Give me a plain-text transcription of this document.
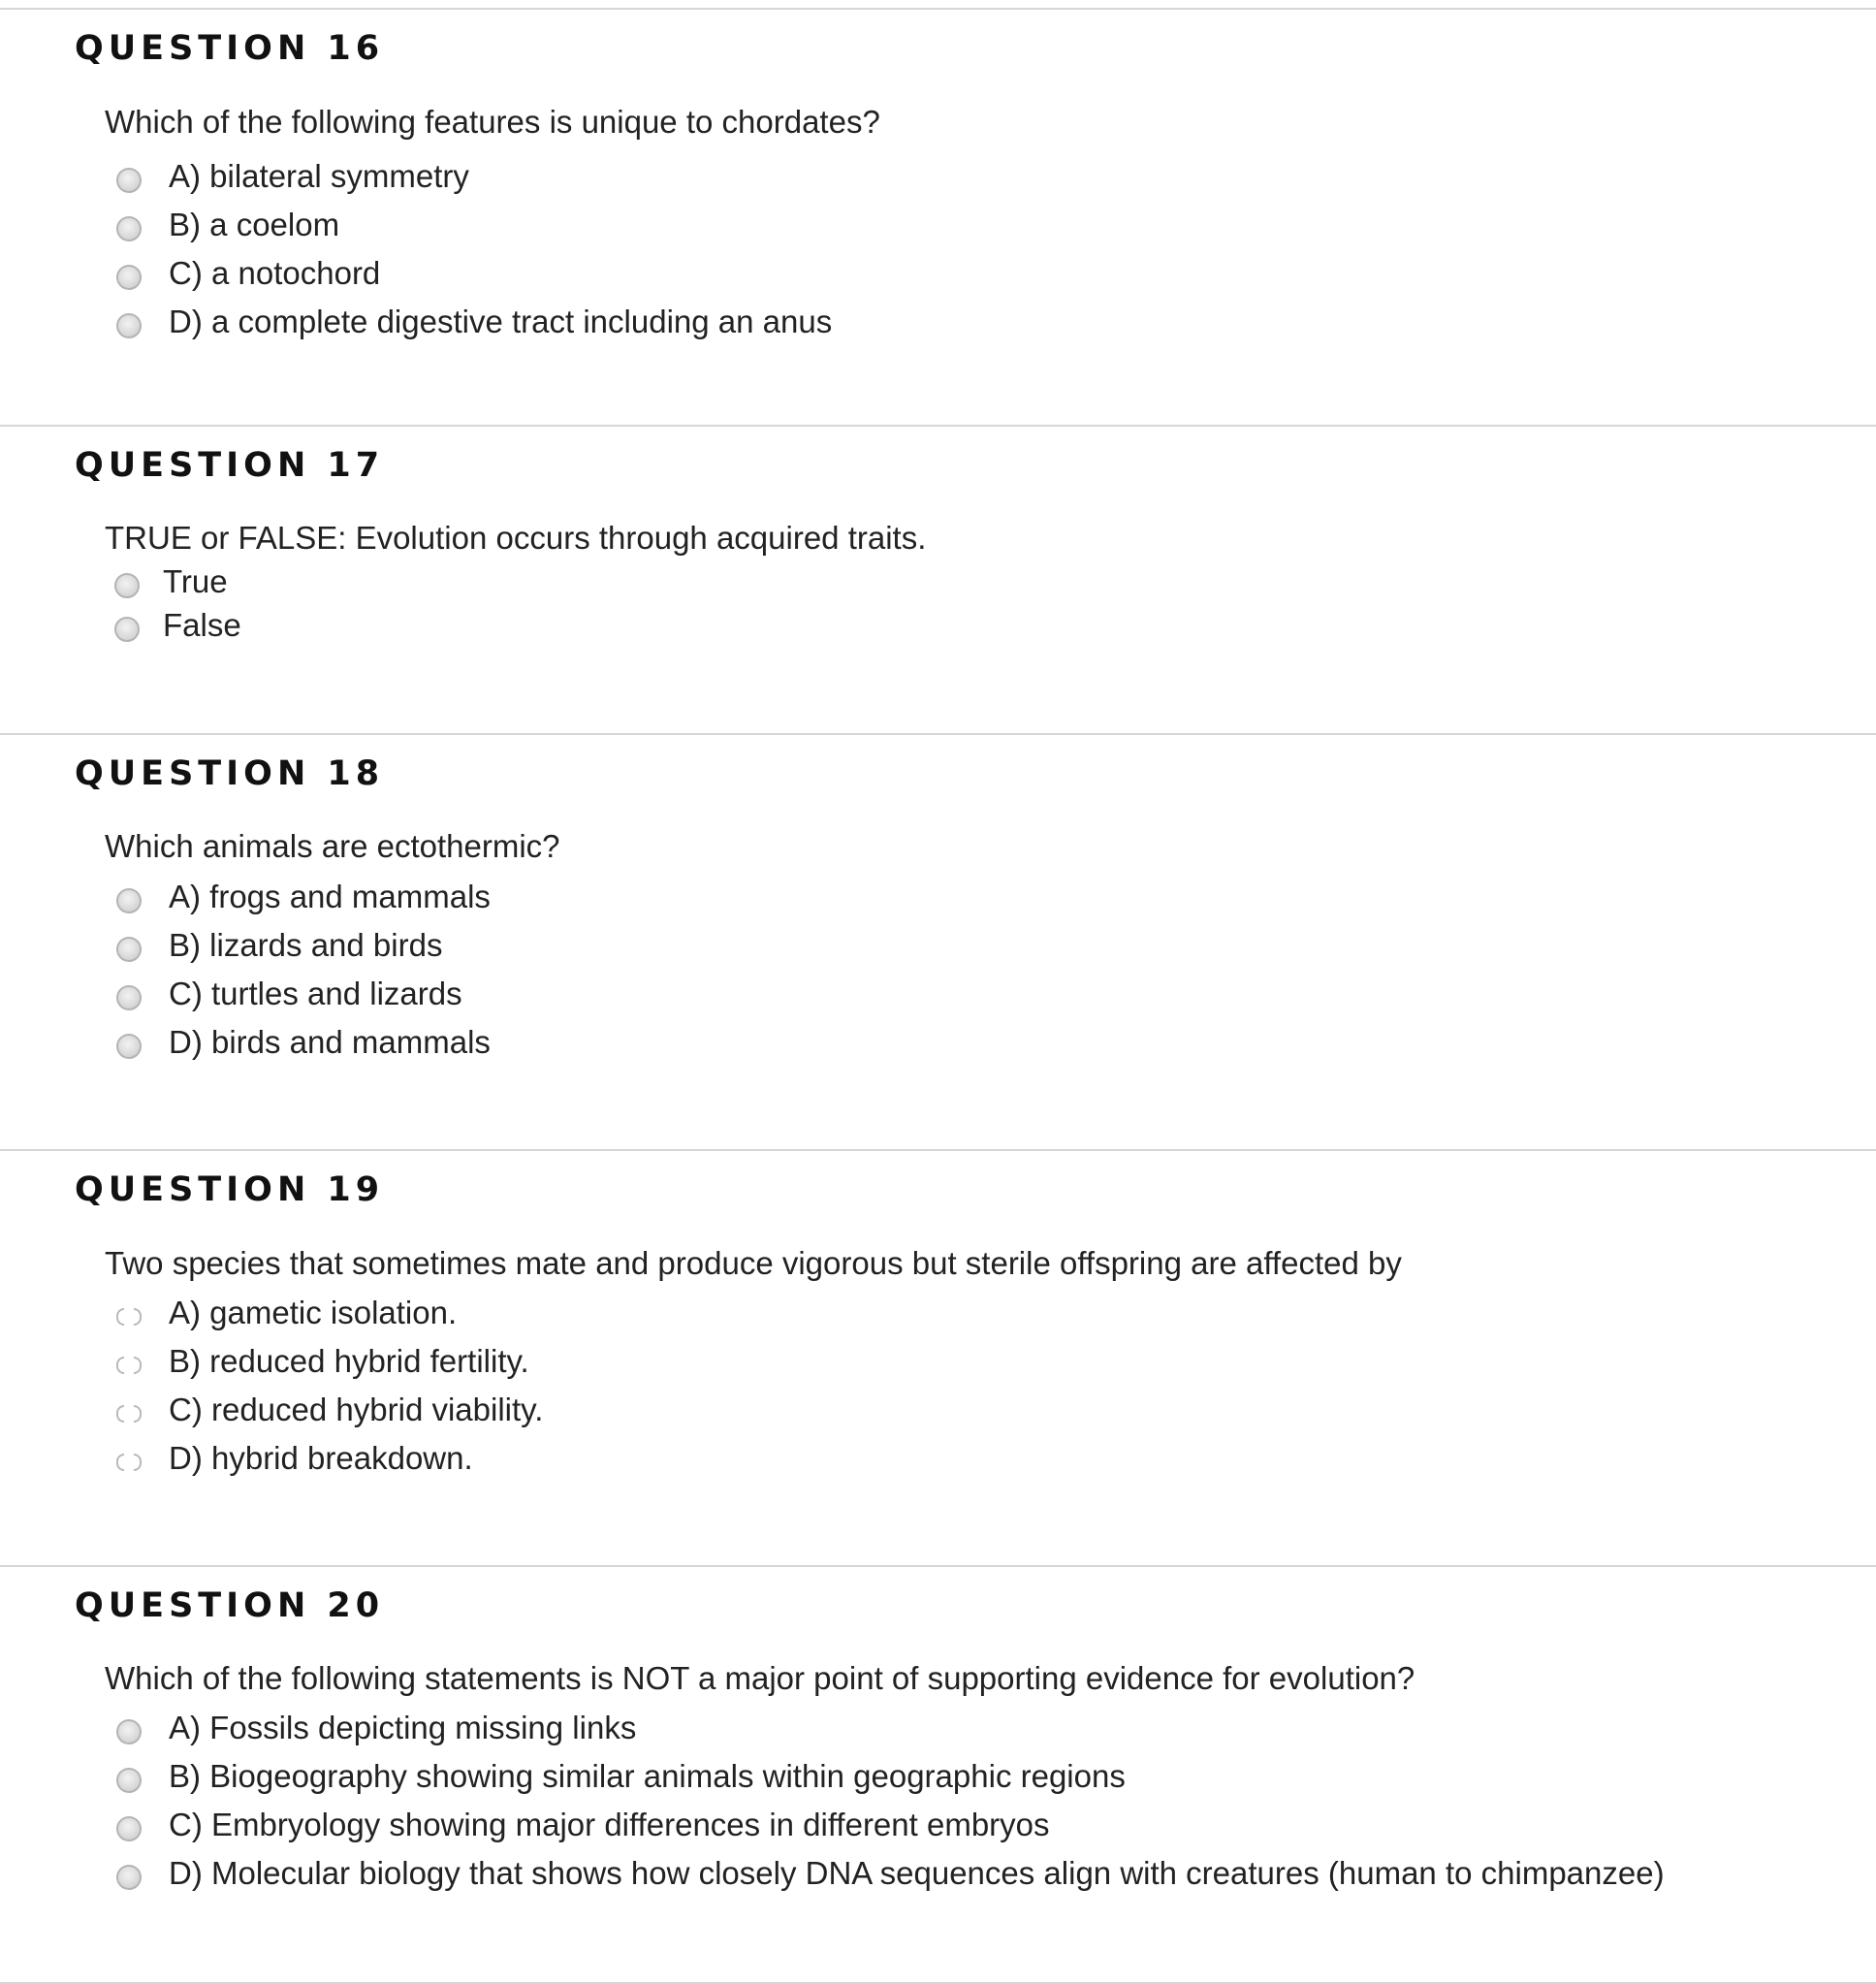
QUESTION 16
Which of the following features is unique to chordates?
A) bilateral symmetry
B) a coelom
C) a notochord
D) a complete digestive tract including an anus
QUESTION 17
TRUE or FALSE: Evolution occurs through acquired traits.
True
False
QUESTION 18
Which animals are ectothermic?
A) frogs and mammals
B) lizards and birds
C) turtles and lizards
D) birds and mammals
QUESTION 19
Two species that sometimes mate and produce vigorous but sterile offspring are affected by
A) gametic isolation.
B) reduced hybrid fertility.
C) reduced hybrid viability.
D) hybrid breakdown.
QUESTION 20
Which of the following statements is NOT a major point of supporting evidence for evolution?
A) Fossils depicting missing links
B) Biogeography showing similar animals within geographic regions
C) Embryology showing major differences in different embryos
D) Molecular biology that shows how closely DNA sequences align with creatures (human to chimpanzee)
